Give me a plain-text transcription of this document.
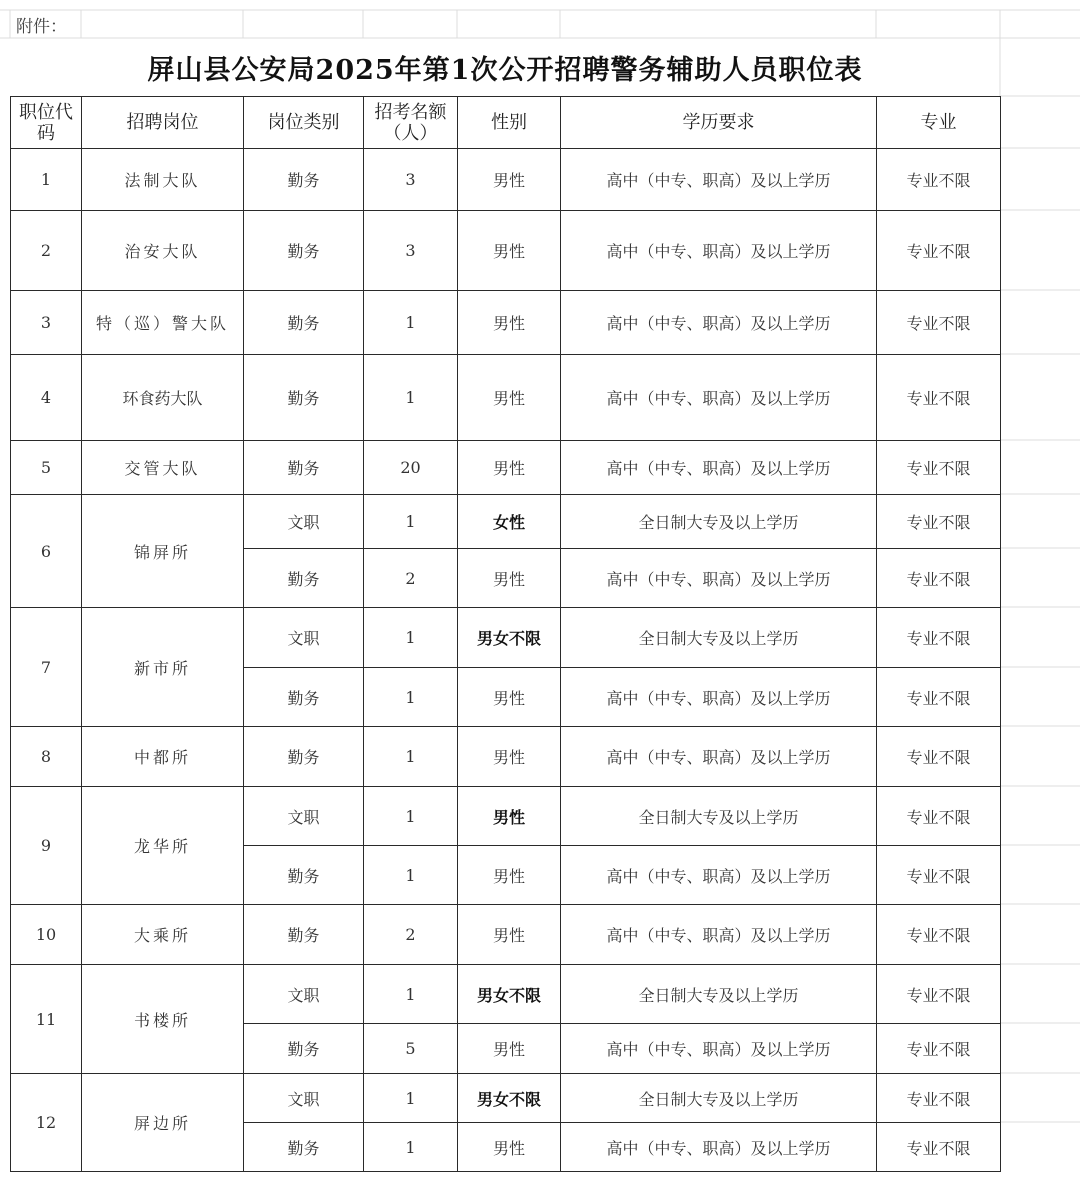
附件：
屏山县公安局2025年第1次公开招聘警务辅助人员职位表
职位代码	招聘岗位	岗位类别	招考名额（人）	性别	学历要求	专业
1	法制大队	勤务	3	男性	高中（中专、职高）及以上学历	专业不限
2	治安大队	勤务	3	男性	高中（中专、职高）及以上学历	专业不限
3	特（巡）警大队	勤务	1	男性	高中（中专、职高）及以上学历	专业不限
4	环食药大队	勤务	1	男性	高中（中专、职高）及以上学历	专业不限
5	交管大队	勤务	20	男性	高中（中专、职高）及以上学历	专业不限
6	锦屏所	文职	1	女性	全日制大专及以上学历	专业不限
		勤务	2	男性	高中（中专、职高）及以上学历	专业不限
7	新市所	文职	1	男女不限	全日制大专及以上学历	专业不限
		勤务	1	男性	高中（中专、职高）及以上学历	专业不限
8	中都所	勤务	1	男性	高中（中专、职高）及以上学历	专业不限
9	龙华所	文职	1	男性	全日制大专及以上学历	专业不限
		勤务	1	男性	高中（中专、职高）及以上学历	专业不限
10	大乘所	勤务	2	男性	高中（中专、职高）及以上学历	专业不限
11	书楼所	文职	1	男女不限	全日制大专及以上学历	专业不限
		勤务	5	男性	高中（中专、职高）及以上学历	专业不限
12	屏边所	文职	1	男女不限	全日制大专及以上学历	专业不限
		勤务	1	男性	高中（中专、职高）及以上学历	专业不限
